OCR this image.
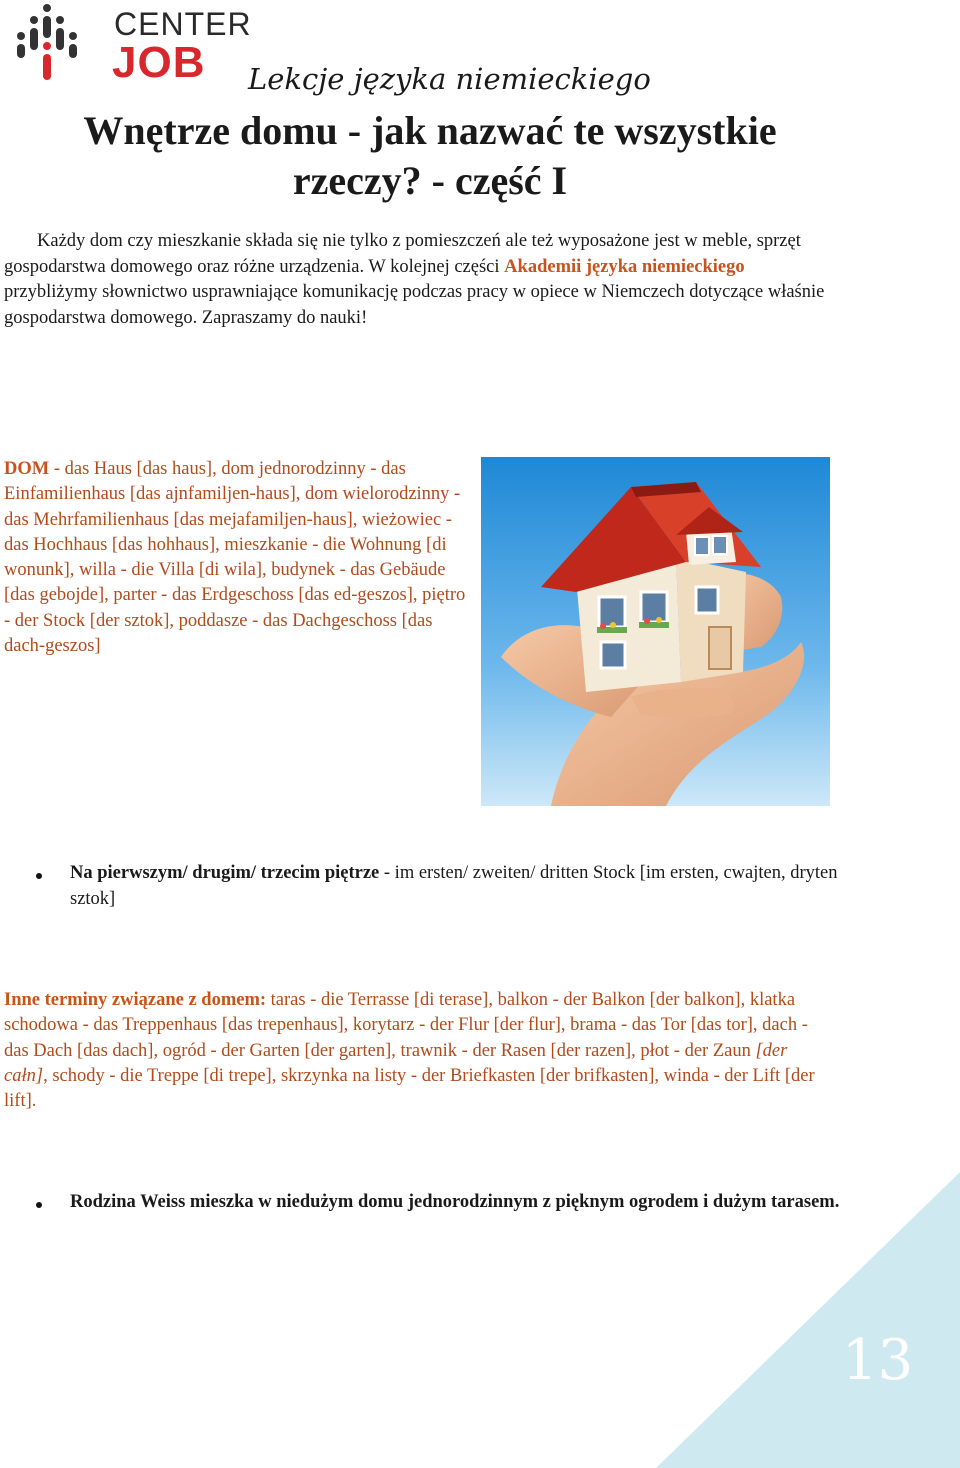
CENTER
JOB Lekcje języka niemieckiego
Wnętrze domu - jak nazwać te wszystkie rzeczy? - część I

Każdy dom czy mieszkanie składa się nie tylko z pomieszczeń ale też wyposażone jest w meble, sprzęt gospodarstwa domowego oraz różne urządzenia. W kolejnej części Akademii języka niemieckiego przybliżymy słownictwo usprawniające komunikację podczas pracy w opiece w Niemczech dotyczące właśnie gospodarstwa domowego. Zapraszamy do nauki!

DOM - das Haus [das haus], dom jednorodzinny - das Einfamilienhaus [das ajnfamiljen-haus], dom wielorodzinny - das Mehrfamilienhaus [das mejafamiljen-haus], wieżowiec - das Hochhaus [das hohhaus], mieszkanie - die Wohnung [di wonunk], willa - die Villa [di wila], budynek - das Gebäude [das gebojde], parter - das Erdgeschoss [das ed-geszos], piętro - der Stock [der sztok], poddasze - das Dachgeschoss [das dach-geszos]

Na pierwszym/ drugim/ trzecim piętrze - im ersten/ zweiten/ dritten Stock [im ersten, cwajten, dryten sztok]

Inne terminy związane z domem: taras - die Terrasse [di terase], balkon - der Balkon [der balkon], klatka schodowa - das Treppenhaus [das trepenhaus], korytarz - der Flur [der flur], brama - das Tor [das tor], dach - das Dach [das dach], ogród - der Garten [der garten], trawnik - der Rasen [der razen], płot - der Zaun [der całn], schody - die Treppe [di trepe], skrzynka na listy - der Briefkasten [der brifkasten], winda - der Lift [der lift].

Rodzina Weiss mieszka w niedużym domu jednorodzinnym z pięknym ogrodem i dużym tarasem.

13
